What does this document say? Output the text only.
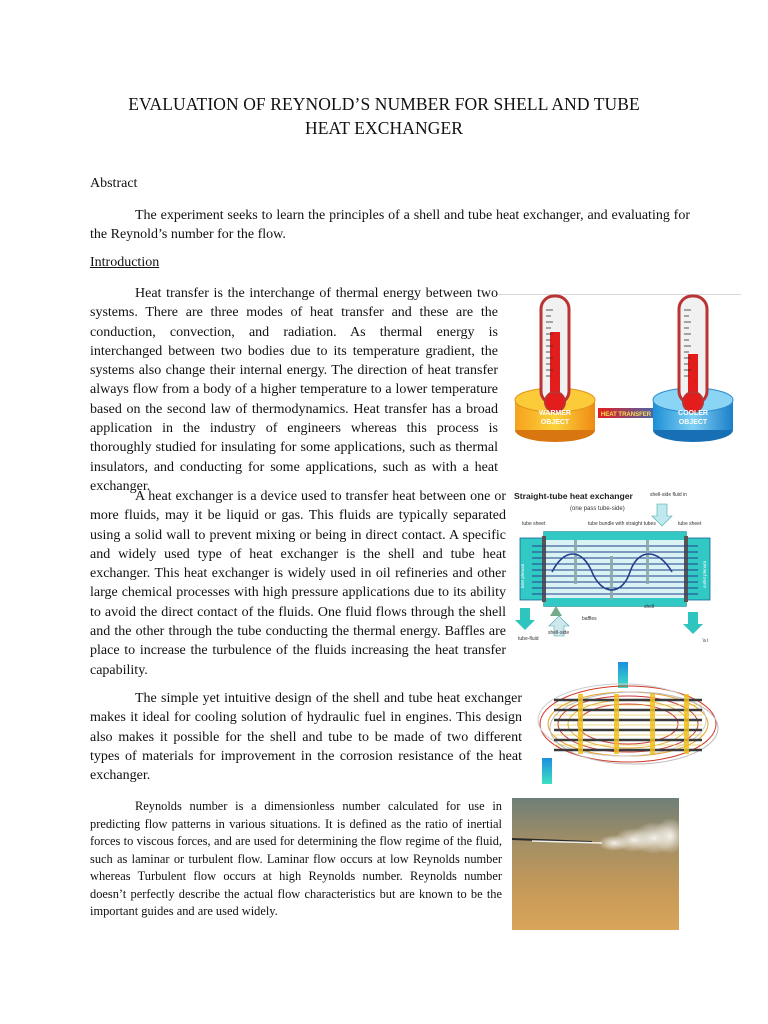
EVALUATION OF REYNOLD’S NUMBER FOR SHELL AND TUBE
HEAT EXCHANGER
Abstract

The experiment seeks to learn the principles of a shell and tube heat exchanger, and evaluating for the Reynold’s number for the flow.

Introduction
WARMER
OBJECT
HEAT TRANSFER	COOLER
OBJECT

Heat transfer is the interchange of thermal energy between two systems. There are three modes of heat transfer and these are the conduction, convection, and radiation. As thermal energy is interchanged between two bodies due to its temperature gradient, the systems also change their internal energy. The direction of heat transfer always flow from a body of a higher temperature to a lower temperature based on the second law of thermodynamics. Heat transfer has a broad application in the industry of engineers whereas this process is thoroughly studied for insulating for some applications, such as thermal insulators, and conducting for some applications, such as with a heat exchanger.

Straight-tube heat exchanger
(one pass tube-side)
shell-side fluid in
tube sheet	tube bundle with straight tubes	tube sheet
inlet plenum	outlet plenum
baffles
shell
tube-fluid
shell-side
'a i

A heat exchanger is a device used to transfer heat between one or more fluids, may it be liquid or gas. This fluids are typically separated using a solid wall to prevent mixing or being in direct contact. A specific and widely used type of heat exchanger is the shell and tube heat exchanger. This heat exchanger is widely used in oil refineries and other large chemical processes with high pressure applications due to its ability to avoid the direct contact of the fluids. One fluid flows through the shell and the other through the tube conducting the thermal energy. Baffles are place to increase the turbulence of the fluids increasing the heat transfer capability.

The simple yet intuitive design of the shell and tube heat exchanger makes it ideal for cooling solution of hydraulic fuel in engines. This design also makes it possible for the shell and tube to be made of two different types of materials for improvement in the corrosion resistance of the heat exchanger.

Reynolds number is a dimensionless number calculated for use in predicting flow patterns in various situations. It is defined as the ratio of inertial forces to viscous forces, and are used for determining the flow regime of the fluid, such as laminar or turbulent flow. Laminar flow occurs at low Reynolds number whereas Turbulent flow occurs at high Reynolds number. Reynolds number doesn’t perfectly describe the actual flow characteristics but are known to be the important guides and are used widely.
